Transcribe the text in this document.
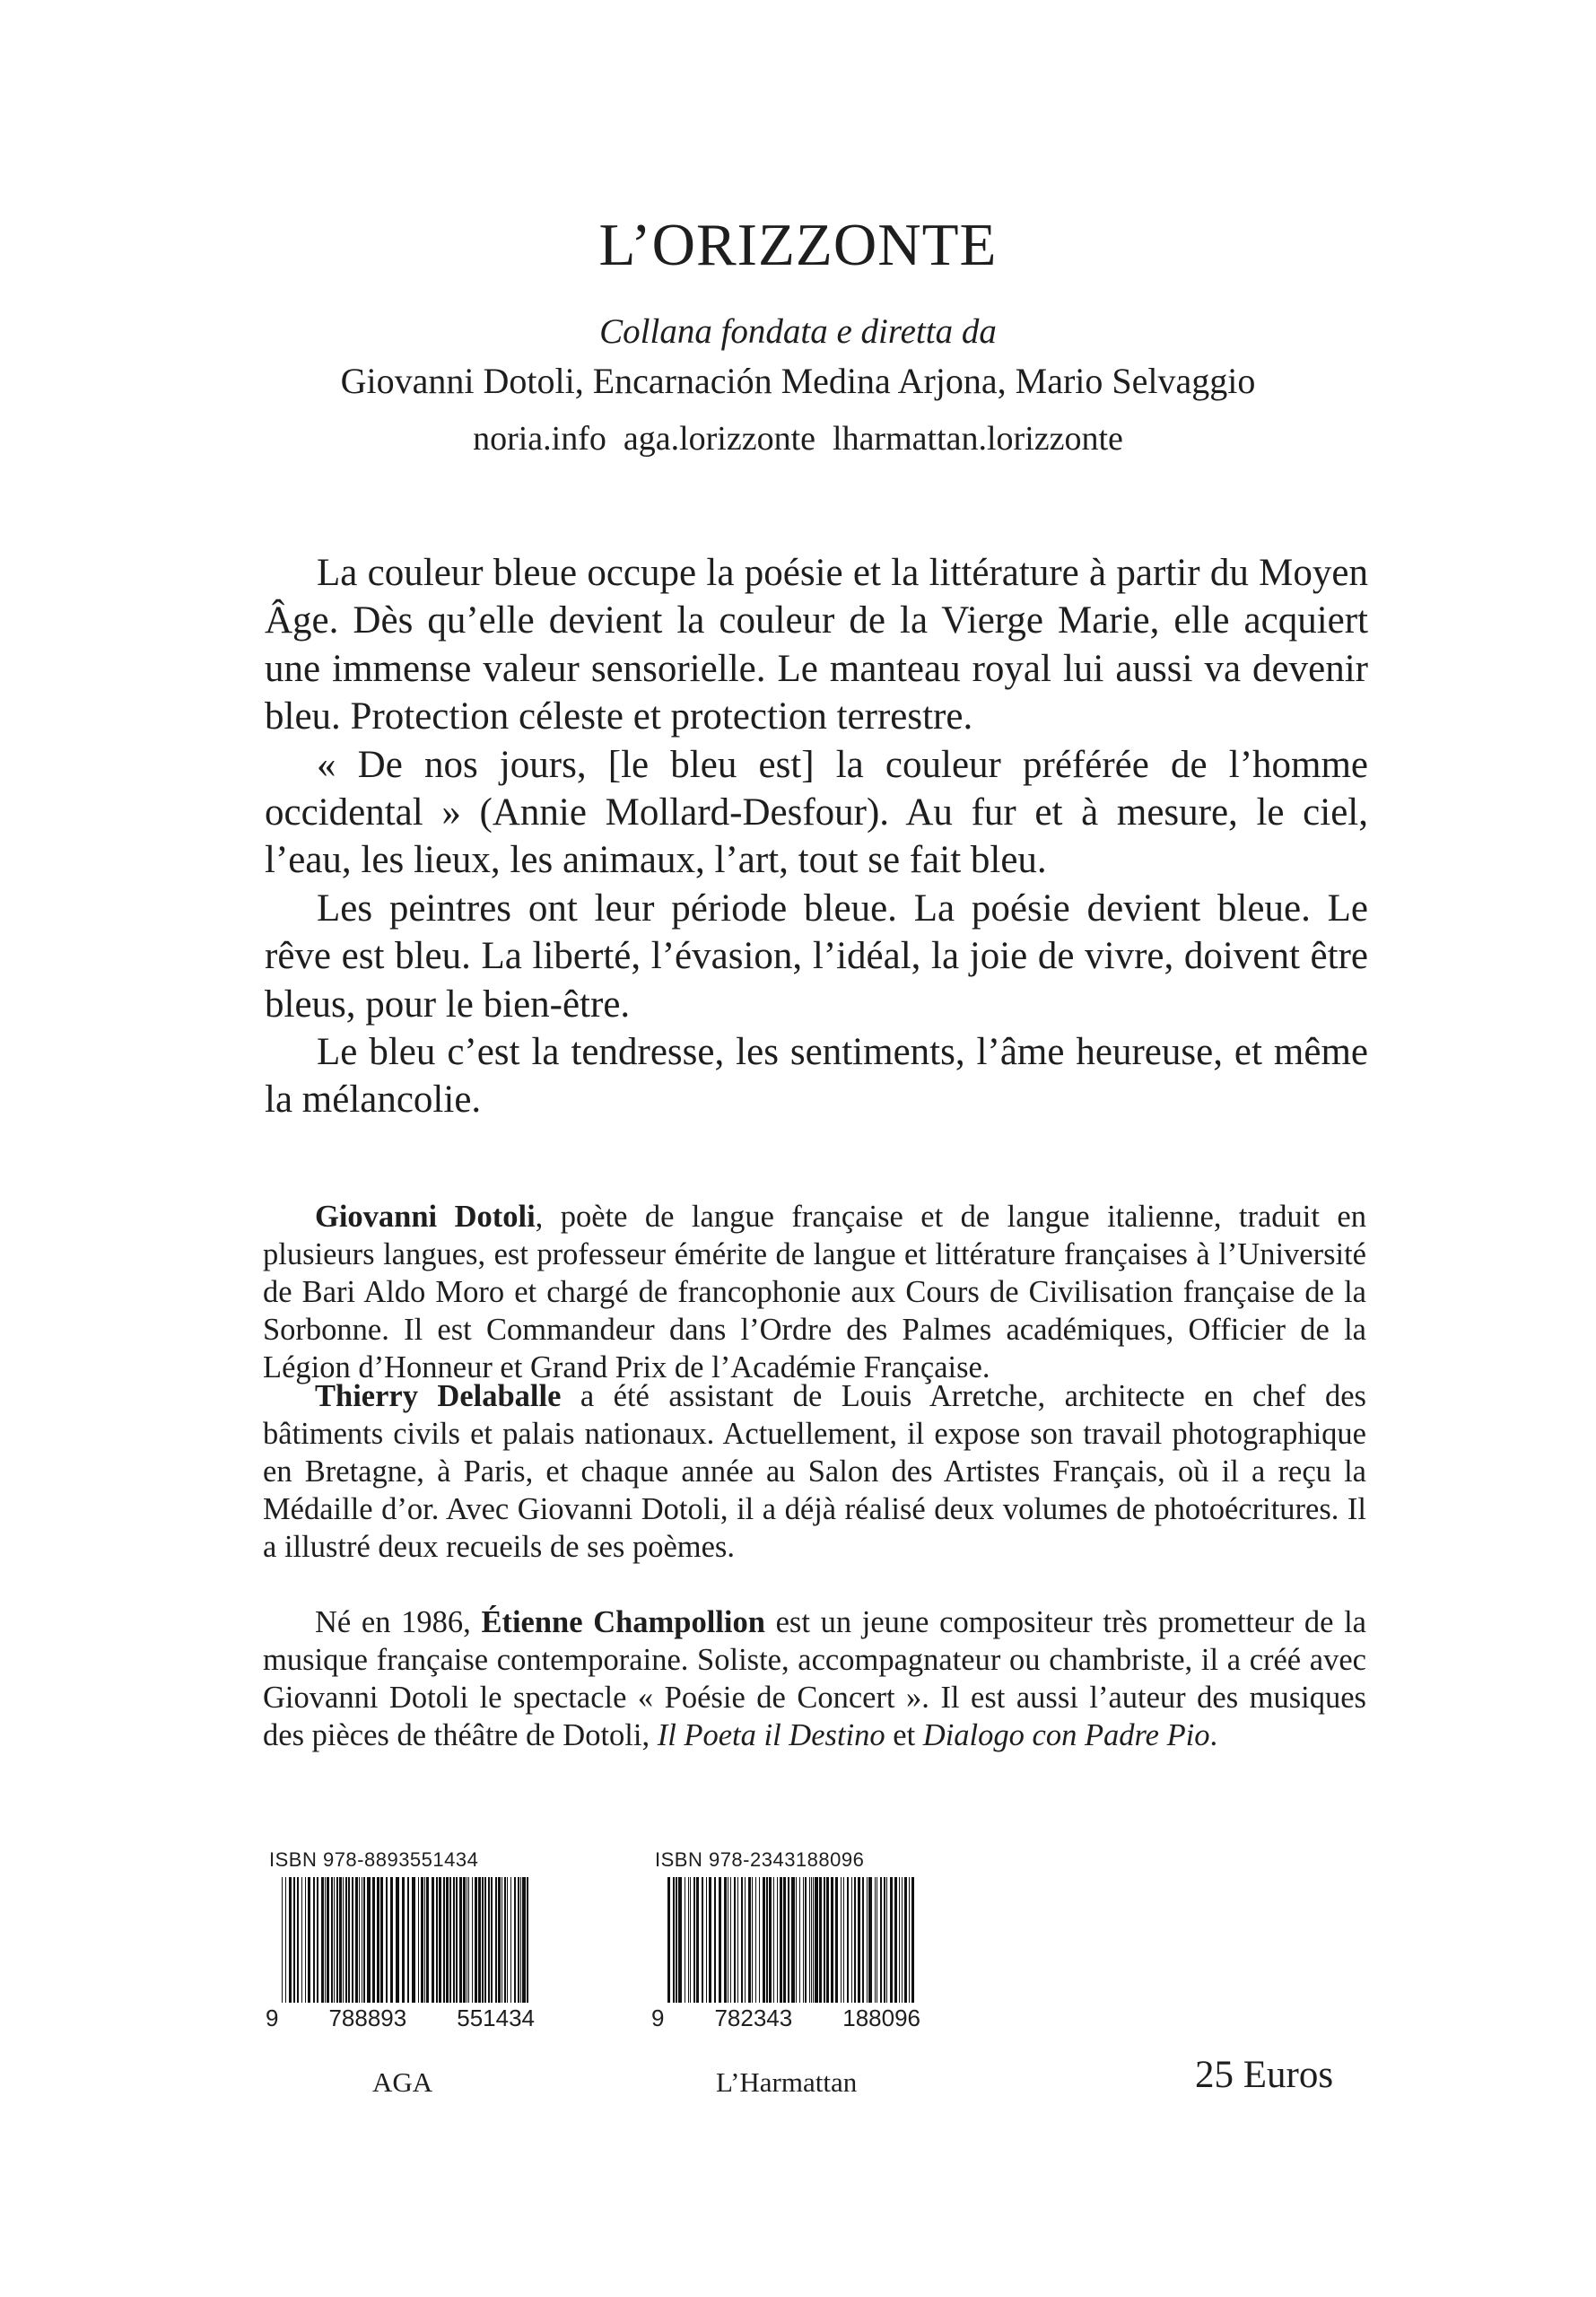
L’ORIZZONTE
Collana fondata e diretta da
Giovanni Dotoli, Encarnación Medina Arjona, Mario Selvaggio
noria.info  aga.lorizzonte  lharmattan.lorizzonte

La couleur bleue occupe la poésie et la littérature à partir du Moyen Âge. Dès qu’elle devient la couleur de la Vierge Marie, elle acquiert une immense valeur sensorielle. Le manteau royal lui aussi va devenir bleu. Protection céleste et protection terrestre.

« De nos jours, [le bleu est] la couleur préférée de l’homme occidental » (Annie Mollard-Desfour). Au fur et à mesure, le ciel, l’eau, les lieux, les animaux, l’art, tout se fait bleu.

Les peintres ont leur période bleue. La poésie devient bleue. Le rêve est bleu. La liberté, l’évasion, l’idéal, la joie de vivre, doivent être bleus, pour le bien-être.

Le bleu c’est la tendresse, les sentiments, l’âme heureuse, et même la mélancolie.

Giovanni Dotoli, poète de langue française et de langue italienne, traduit en plusieurs langues, est professeur émérite de langue et littérature françaises à l’Université de Bari Aldo Moro et chargé de francophonie aux Cours de Civilisation française de la Sorbonne. Il est Commandeur dans l’Ordre des Palmes académiques, Officier de la Légion d’Honneur et Grand Prix de l’Académie Française.

Thierry Delaballe a été assistant de Louis Arretche, architecte en chef des bâtiments civils et palais nationaux. Actuellement, il expose son travail photographique en Bretagne, à Paris, et chaque année au Salon des Artistes Français, où il a reçu la Médaille d’or. Avec Giovanni Dotoli, il a déjà réalisé deux volumes de photoécritures. Il a illustré deux recueils de ses poèmes.

Né en 1986, Étienne Champollion est un jeune compositeur très prometteur de la musique française contemporaine. Soliste, accompagnateur ou chambriste, il a créé avec Giovanni Dotoli le spectacle « Poésie de Concert ». Il est aussi l’auteur des musiques des pièces de théâtre de Dotoli, Il Poeta il Destino et Dialogo con Padre Pio.

ISBN 978-8893551434
9 788893 551434
ISBN 978-2343188096
9 782343 188096
AGA	L’Harmattan	25 Euros
